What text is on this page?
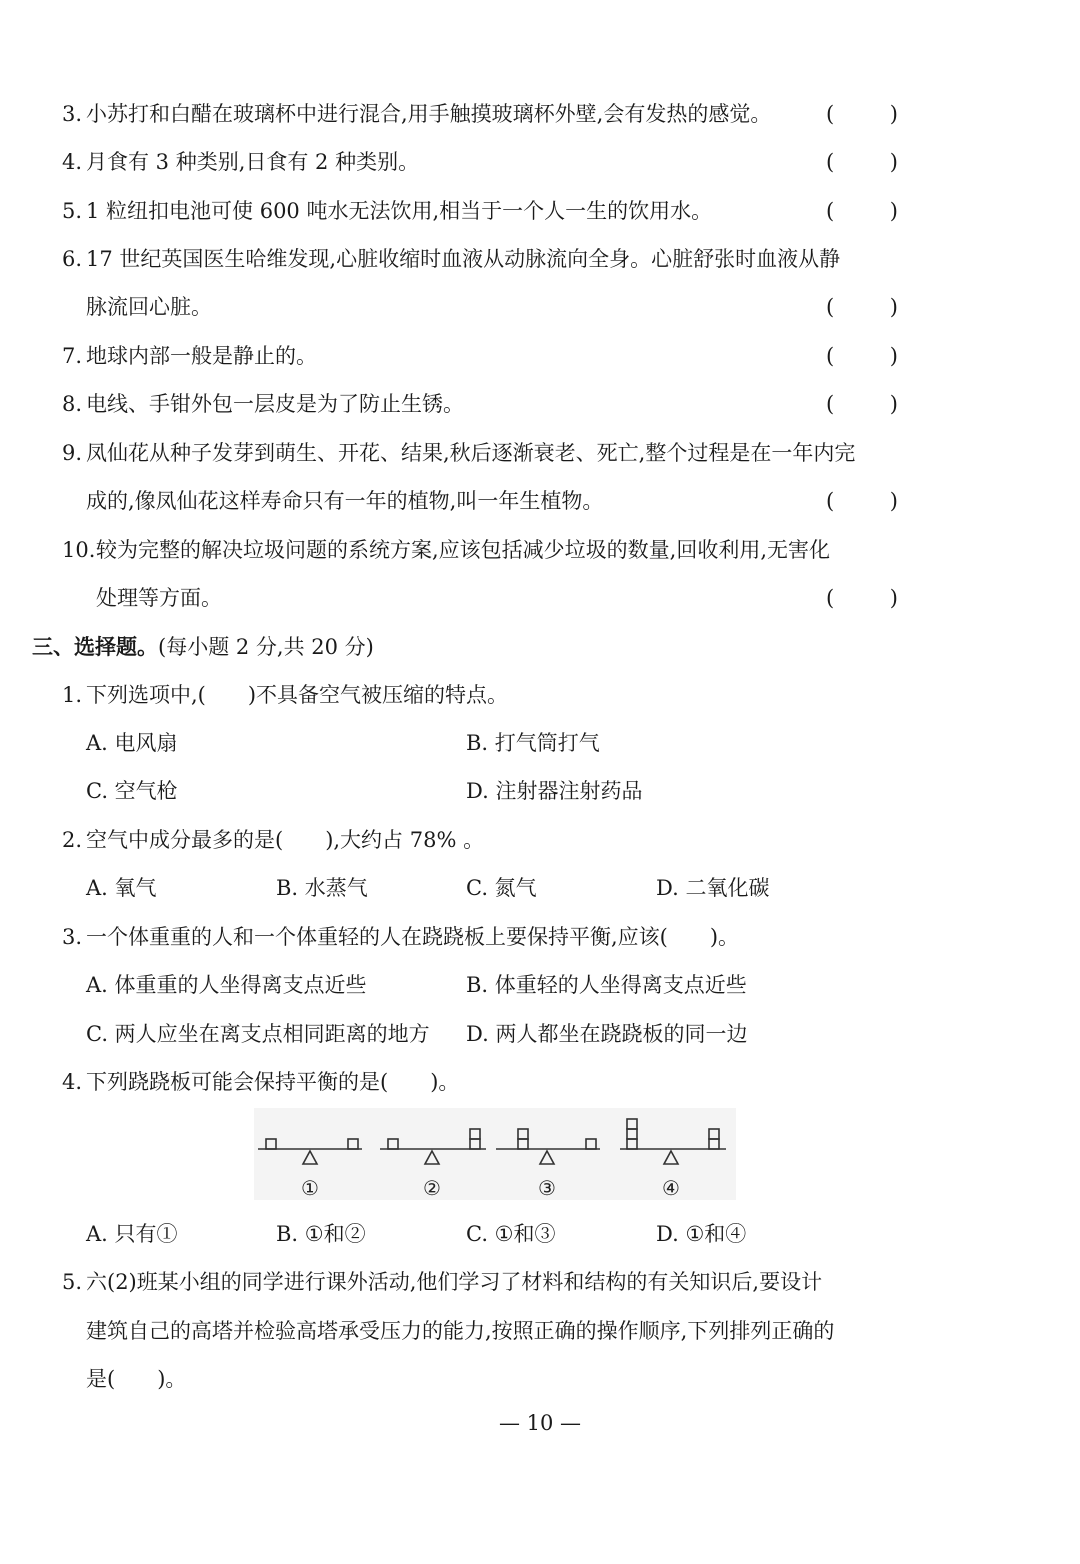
3. 小苏打和白醋在玻璃杯中进行混合,用手触摸玻璃杯外壁,会有发热的感觉。	(	)
4. 月食有 3 种类别,日食有 2 种类别。	(	)
5. 1 粒纽扣电池可使 600 吨水无法饮用,相当于一个人一生的饮用水。	(	)
6. 17 世纪英国医生哈维发现,心脏收缩时血液从动脉流向全身。心脏舒张时血液从静
脉流回心脏。	(	)
7. 地球内部一般是静止的。	(	)
8. 电线、手钳外包一层皮是为了防止生锈。	(	)
9. 凤仙花从种子发芽到萌生、开花、结果,秋后逐渐衰老、死亡,整个过程是在一年内完
成的,像凤仙花这样寿命只有一年的植物,叫一年生植物。	(	)
10. 较为完整的解决垃圾问题的系统方案,应该包括减少垃圾的数量,回收利用,无害化
处理等方面。	(	)
三、选择题。(每小题 2 分,共 20 分)
1. 下列选项中,(　　)不具备空气被压缩的特点。
A. 电风扇	B. 打气筒打气
C. 空气枪	D. 注射器注射药品
2. 空气中成分最多的是(　　),大约占 78% 。
A. 氧气	B. 水蒸气	C. 氮气	D. 二氧化碳
3. 一个体重重的人和一个体重轻的人在跷跷板上要保持平衡,应该(　　)。
A. 体重重的人坐得离支点近些	B. 体重轻的人坐得离支点近些
C. 两人应坐在离支点相同距离的地方 D. 两人都坐在跷跷板的同一边
4. 下列跷跷板可能会保持平衡的是(　　)。
①	②	③	④
A. 只有①	B. ①和②	C. ①和③	D. ①和④
5. 六(2)班某小组的同学进行课外活动,他们学习了材料和结构的有关知识后,要设计
建筑自己的高塔并检验高塔承受压力的能力,按照正确的操作顺序,下列排列正确的
是(　　)。
— 10 —
